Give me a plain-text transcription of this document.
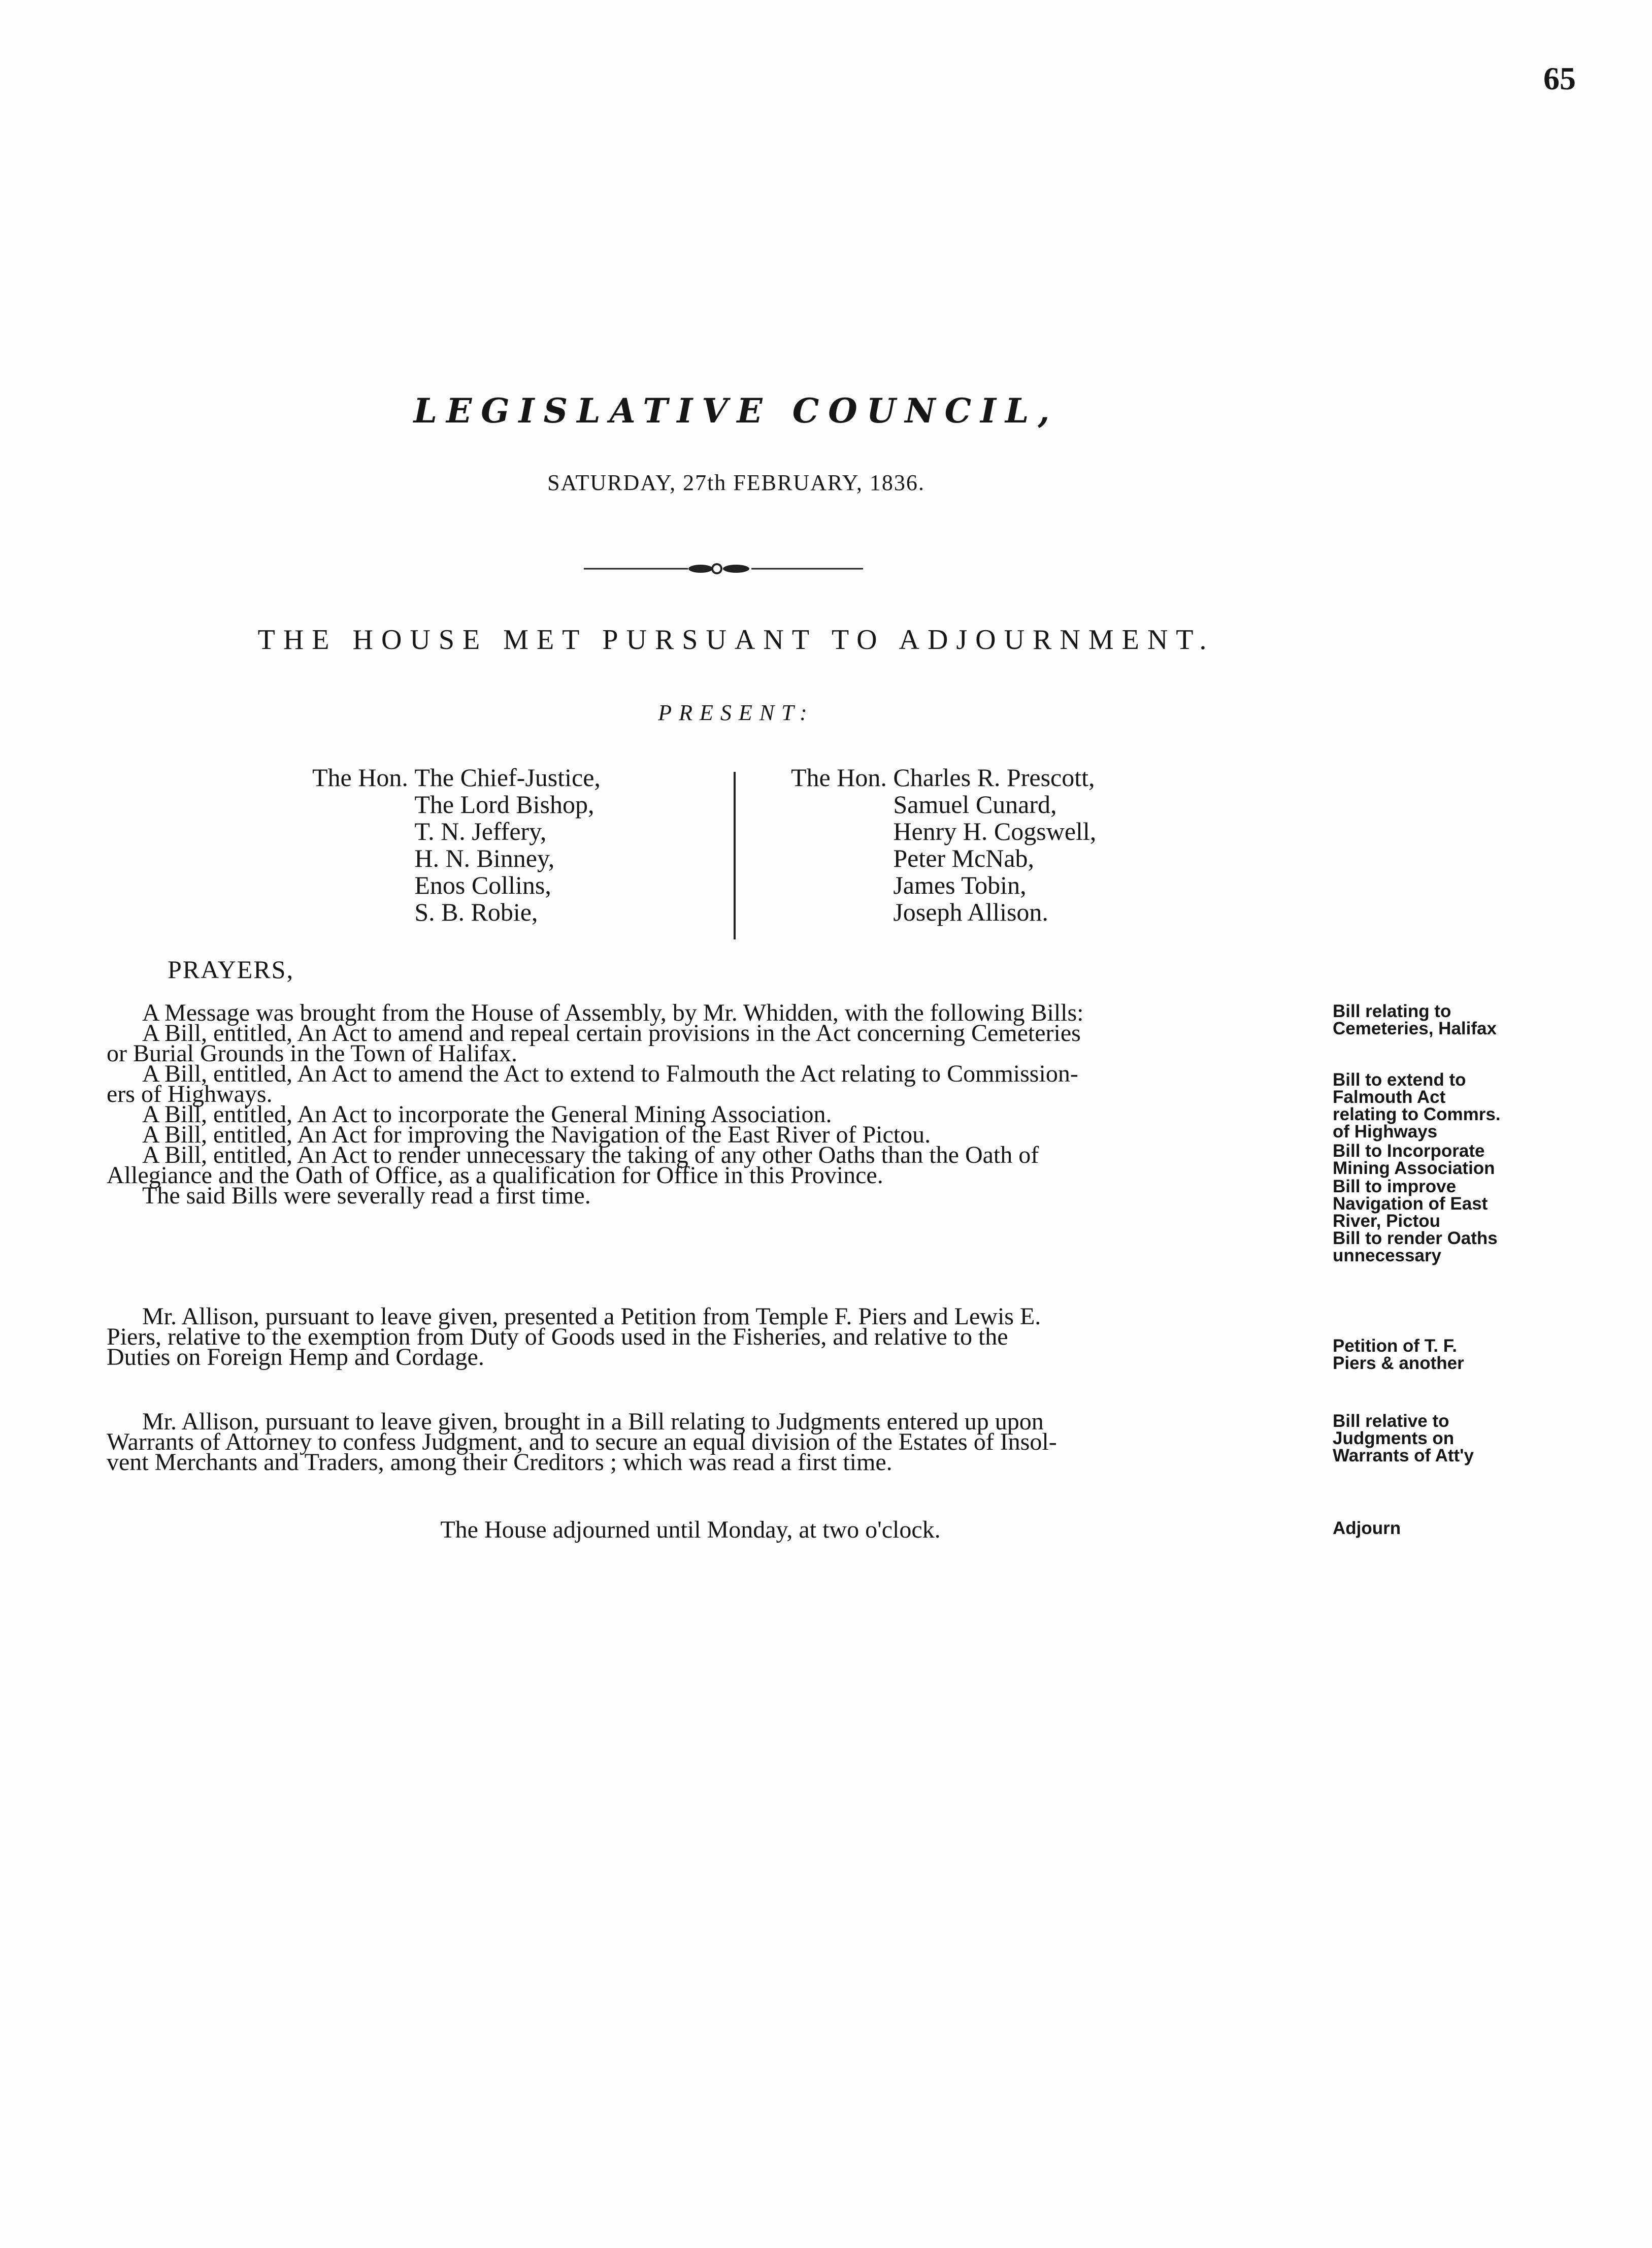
65
LEGISLATIVE COUNCIL,
SATURDAY, 27th FEBRUARY, 1836.
THE HOUSE MET PURSUANT TO ADJOURNMENT.
PRESENT:
The Hon. The Chief-Justice,
The Lord Bishop,
T. N. Jeffery,
H. N. Binney,
Enos Collins,
S. B. Robie,
The Hon. Charles R. Prescott,
Samuel Cunard,
Henry H. Cogswell,
Peter McNab,
James Tobin,
Joseph Allison.
PRAYERS,
A Message was brought from the House of Assembly, by Mr. Whidden, with the following Bills:
A Bill, entitled, An Act to amend and repeal certain provisions in the Act concerning Cemeteries
or Burial Grounds in the Town of Halifax.
A Bill, entitled, An Act to amend the Act to extend to Falmouth the Act relating to Commission-
ers of Highways.
A Bill, entitled, An Act to incorporate the General Mining Association.
A Bill, entitled, An Act for improving the Navigation of the East River of Pictou.
A Bill, entitled, An Act to render unnecessary the taking of any other Oaths than the Oath of
Allegiance and the Oath of Office, as a qualification for Office in this Province.
The said Bills were severally read a first time.
Mr. Allison, pursuant to leave given, presented a Petition from Temple F. Piers and Lewis E.
Piers, relative to the exemption from Duty of Goods used in the Fisheries, and relative to the
Duties on Foreign Hemp and Cordage.
Mr. Allison, pursuant to leave given, brought in a Bill relating to Judgments entered up upon
Warrants of Attorney to confess Judgment, and to secure an equal division of the Estates of Insol-
vent Merchants and Traders, among their Creditors ; which was read a first time.
The House adjourned until Monday, at two o'clock.
Bill relating to
Cemeteries, Halifax
Bill to extend to
Falmouth Act
relating to Commrs.
of Highways
Bill to Incorporate
Mining Association
Bill to improve
Navigation of East
River, Pictou
Bill to render Oaths
unnecessary
Petition of T. F.
Piers & another
Bill relative to
Judgments on
Warrants of Att'y
Adjourn
